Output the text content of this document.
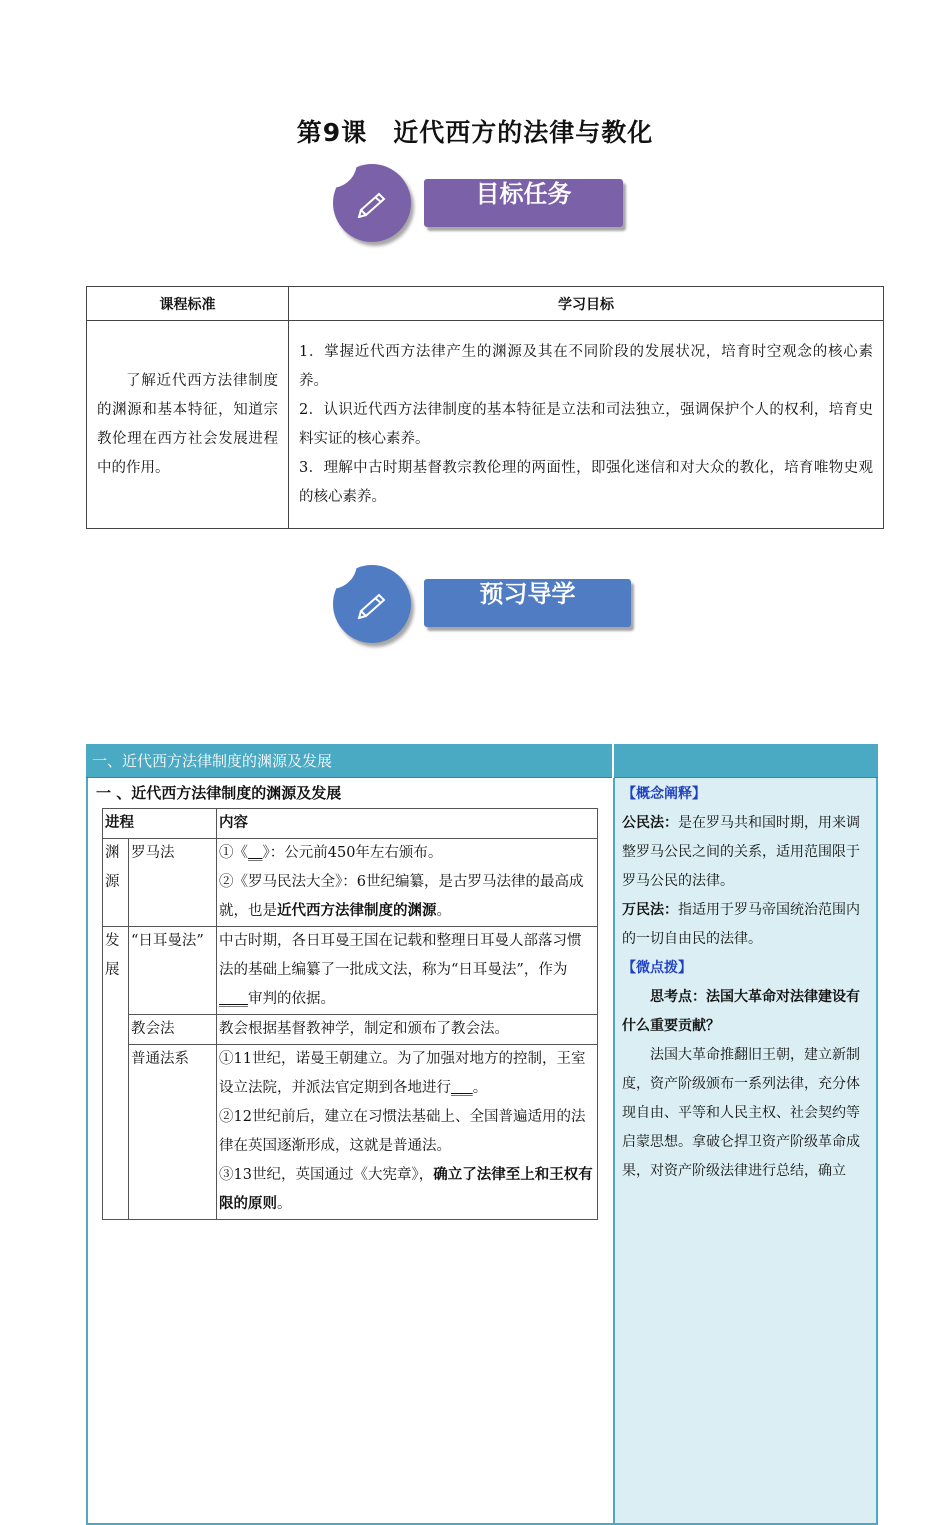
第9课　近代西方的法律与教化
目标任务
课程标准	学习目标

了解近代西方法律制度的渊源和基本特征，知道宗教伦理在西方社会发展进程中的作用。	1．掌握近代西方法律产生的渊源及其在不同阶段的发展状况，培育时空观念的核心素养。

2．认识近代西方法律制度的基本特征是立法和司法独立，强调保护个人的权利，培育史料实证的核心素养。

3．理解中古时期基督教宗教伦理的两面性，即强化迷信和对大众的教化，培育唯物史观的核心素养。

预习导学
一、近代西方法律制度的渊源及发展
一 、近代西方法律制度的渊源及发展
进程		内容
渊源	罗马法	①《__》：公元前450年左右颁布。
②《罗马民法大全》：6世纪编纂，是古罗马法律的最高成就，也是近代西方法律制度的渊源。
发展	“日耳曼法”	中古时期，各日耳曼王国在记载和整理日耳曼人部落习惯法的基础上编纂了一批成文法，称为“日耳曼法”，作为____审判的依据。
	教会法	教会根据基督教神学，制定和颁布了教会法。
	普通法系	①11世纪，诺曼王朝建立。为了加强对地方的控制，王室设立法院，并派法官定期到各地进行___。
②12世纪前后，建立在习惯法基础上、全国普遍适用的法律在英国逐渐形成，这就是普通法。
③13世纪，英国通过《大宪章》，确立了法律至上和王权有限的原则。
【概念阐释】
公民法：是在罗马共和国时期，用来调整罗马公民之间的关系，适用范围限于罗马公民的法律。
万民法：指适用于罗马帝国统治范围内的一切自由民的法律。
【微点拨】
思考点：法国大革命对法律建设有什么重要贡献？
法国大革命推翻旧王朝，建立新制度，资产阶级颁布一系列法律，充分体现自由、平等和人民主权、社会契约等启蒙思想。拿破仑捍卫资产阶级革命成果，对资产阶级法律进行总结，确立
